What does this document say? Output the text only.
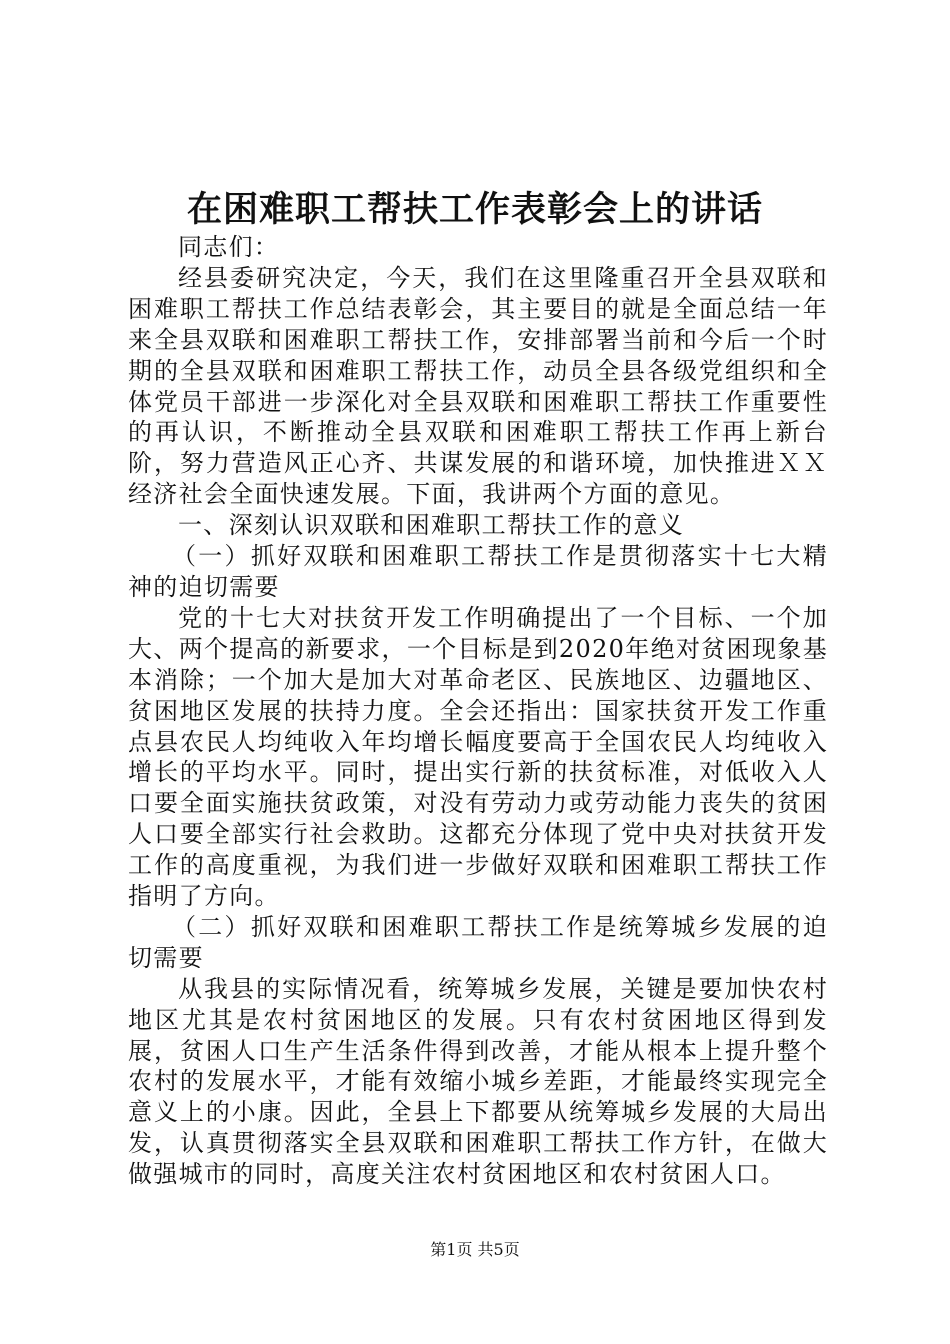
在困难职工帮扶工作表彰会上的讲话

同志们：

经县委研究决定，今天，我们在这里隆重召开全县双联和困难职工帮扶工作总结表彰会，其主要目的就是全面总结一年来全县双联和困难职工帮扶工作，安排部署当前和今后一个时期的全县双联和困难职工帮扶工作，动员全县各级党组织和全体党员干部进一步深化对全县双联和困难职工帮扶工作重要性的再认识，不断推动全县双联和困难职工帮扶工作再上新台阶，努力营造风正心齐、共谋发展的和谐环境，加快推进ＸＸ经济社会全面快速发展。下面，我讲两个方面的意见。

一、深刻认识双联和困难职工帮扶工作的意义

（一）抓好双联和困难职工帮扶工作是贯彻落实十七大精神的迫切需要

党的十七大对扶贫开发工作明确提出了一个目标、一个加大、两个提高的新要求，一个目标是到2020年绝对贫困现象基本消除；一个加大是加大对革命老区、民族地区、边疆地区、贫困地区发展的扶持力度。全会还指出：国家扶贫开发工作重点县农民人均纯收入年均增长幅度要高于全国农民人均纯收入增长的平均水平。同时，提出实行新的扶贫标准，对低收入人口要全面实施扶贫政策，对没有劳动力或劳动能力丧失的贫困人口要全部实行社会救助。这都充分体现了党中央对扶贫开发工作的高度重视，为我们进一步做好双联和困难职工帮扶工作指明了方向。

（二）抓好双联和困难职工帮扶工作是统筹城乡发展的迫切需要

从我县的实际情况看，统筹城乡发展，关键是要加快农村地区尤其是农村贫困地区的发展。只有农村贫困地区得到发展，贫困人口生产生活条件得到改善，才能从根本上提升整个农村的发展水平，才能有效缩小城乡差距，才能最终实现完全意义上的小康。因此，全县上下都要从统筹城乡发展的大局出发，认真贯彻落实全县双联和困难职工帮扶工作方针，在做大做强城市的同时，高度关注农村贫困地区和农村贫困人口。

第1页 共5页
